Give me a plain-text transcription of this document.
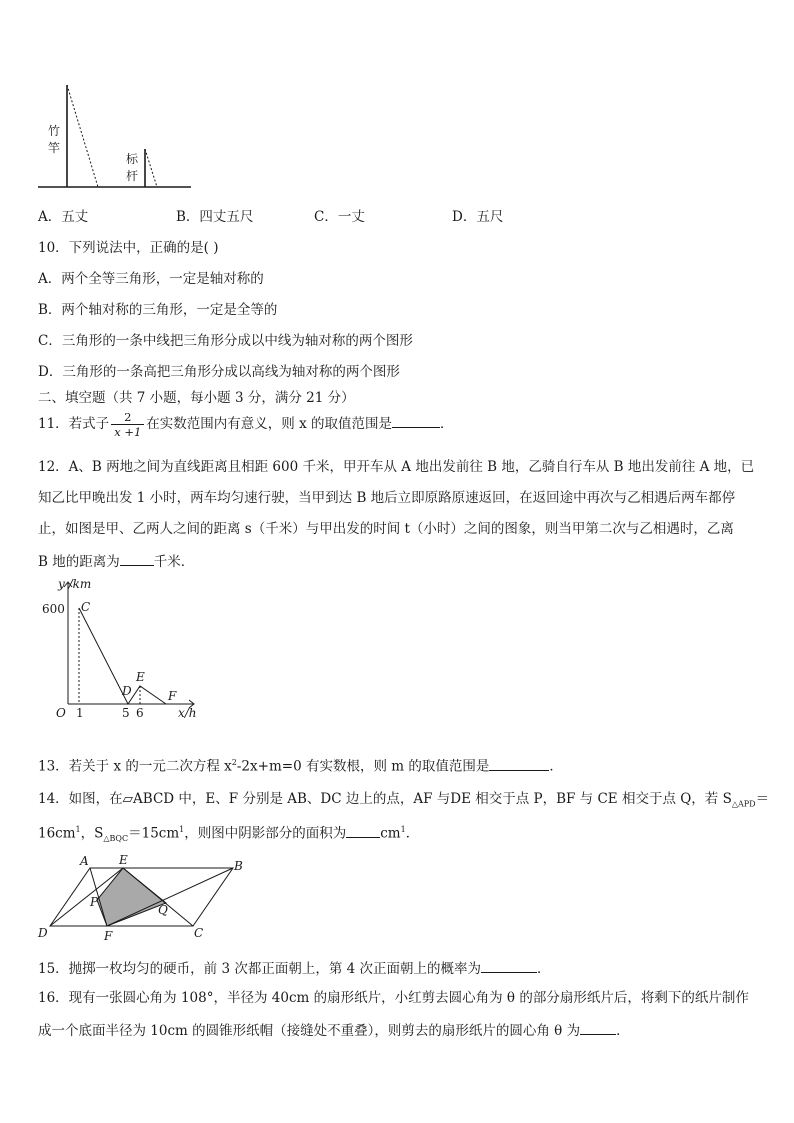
竹
竿
标
杆
A．五丈	B．四丈五尺	C．一丈	D．五尺
10．下列说法中，正确的是( )
A．两个全等三角形，一定是轴对称的
B．两个轴对称的三角形，一定是全等的
C．三角形的一条中线把三角形分成以中线为轴对称的两个图形
D．三角形的一条高把三角形分成以高线为轴对称的两个图形
二、填空题（共 7 小题，每小题 3 分，满分 21 分）
11．若式子 $\frac{2}{x +1}$ 在实数范围内有意义，则 x 的取值范围是	．
12．A、B 两地之间为直线距离且相距 600 千米，甲开车从 A 地出发前往 B 地，乙骑自行车从 B 地出发前往 A 地，已
知乙比甲晚出发 1 小时，两车均匀速行驶，当甲到达 B 地后立即原路原速返回，在返回途中再次与乙相遇后两车都停
止，如图是甲、乙两人之间的距离 s（千米）与甲出发的时间 t（小时）之间的图象，则当甲第二次与乙相遇时，乙离
B 地的距离为	千米．
y /km
x/h
O
600 C
D
E
F
1	5 6
13．若关于 x 的一元二次方程 $x^2-2x+m=0$ 有实数根，则 m 的取值范围是	．
14．如图，在▱ABCD 中，E、F 分别是 AB、DC 边上的点，AF 与DE 相交于点 P，BF 与 CE 相交于点 Q，若 $S_{\triangle APD}=$
$16cm^1$，$S_{\triangle BQC}=15cm^1$，则图中阴影部分的面积为	$cm^1$．
A	E	B
P
Q
D	F	C
15．抛掷一枚均匀的硬币，前 3 次都正面朝上，第 4 次正面朝上的概率为	．
16．现有一张圆心角为 108°，半径为 40cm 的扇形纸片，小红剪去圆心角为 θ 的部分扇形纸片后，将剩下的纸片制作
成一个底面半径为 10cm 的圆锥形纸帽（接缝处不重叠），则剪去的扇形纸片的圆心角 θ 为	．
